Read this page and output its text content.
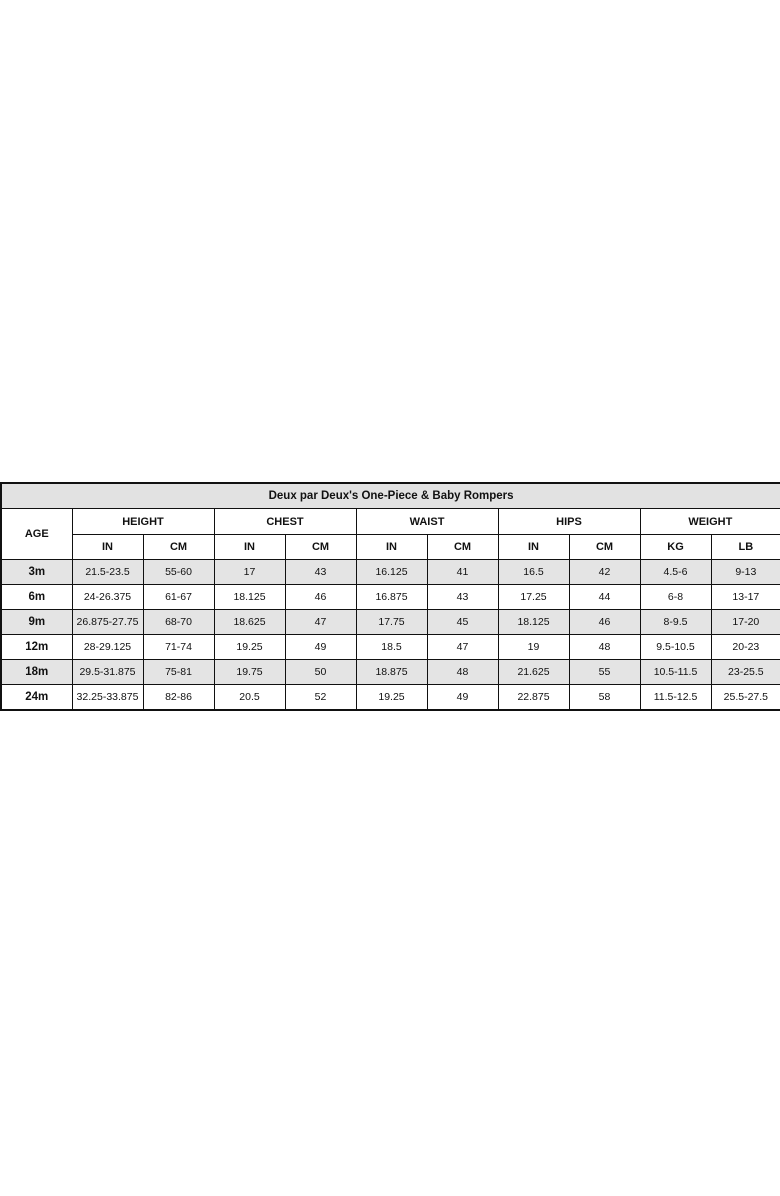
Deux par Deux's One-Piece & Baby Rompers										
AGE	HEIGHT		CHEST		WAIST		HIPS		WEIGHT	
	IN	CM	IN	CM	IN	CM	IN	CM	KG	LB
3m	21.5-23.5	55-60	17	43	16.125	41	16.5	42	4.5-6	9-13
6m	24-26.375	61-67	18.125	46	16.875	43	17.25	44	6-8	13-17
9m	26.875-27.75	68-70	18.625	47	17.75	45	18.125	46	8-9.5	17-20
12m	28-29.125	71-74	19.25	49	18.5	47	19	48	9.5-10.5	20-23
18m	29.5-31.875	75-81	19.75	50	18.875	48	21.625	55	10.5-11.5	23-25.5
24m	32.25-33.875	82-86	20.5	52	19.25	49	22.875	58	11.5-12.5	25.5-27.5
